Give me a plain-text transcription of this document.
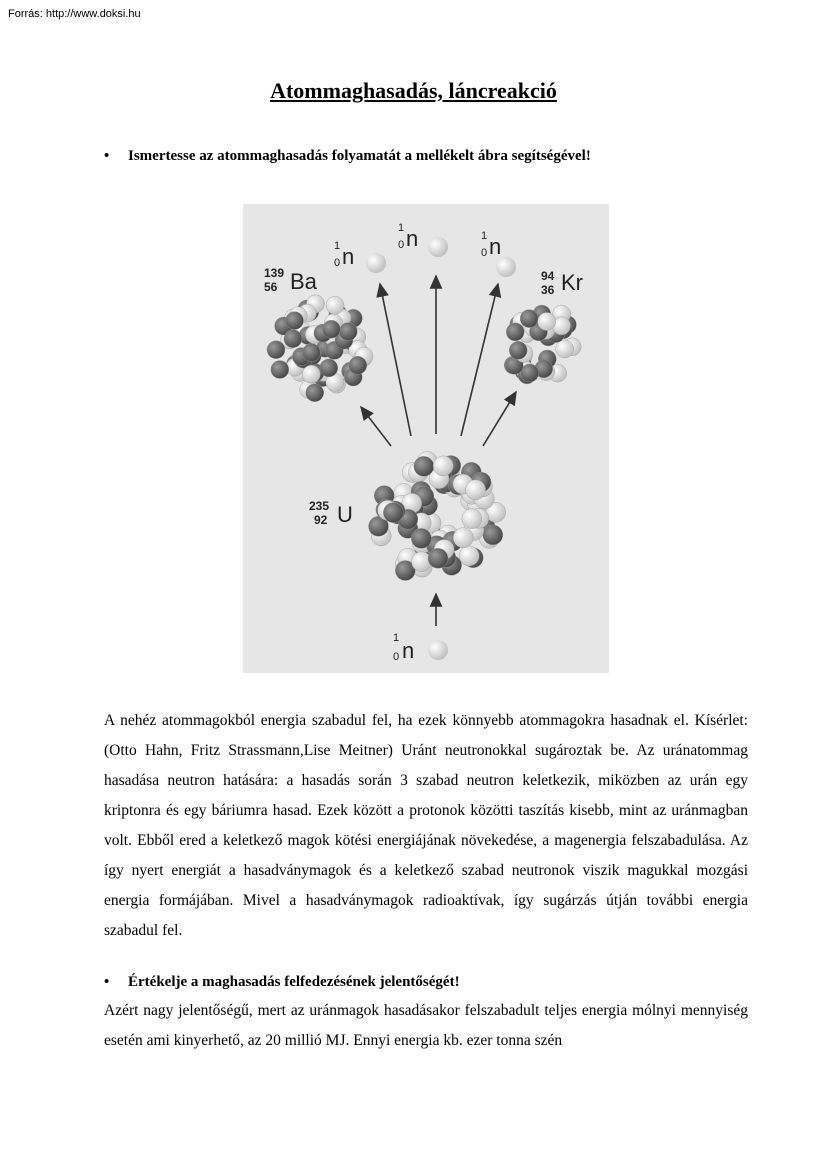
Forrás: http://www.doksi.hu
Atommaghasadás, láncreakció
• Ismertesse az atommaghasadás folyamatát a mellékelt ábra segítségével!
1
0 n
1
0 n	1
0 n
1
0 n
139
56 Ba	94
36 Kr
235
92 U
A nehéz atommagokból energia szabadul fel, ha ezek könnyebb atommagokra hasadnak el. Kísérlet: (Otto Hahn, Fritz Strassmann,Lise Meitner) Uránt neutronokkal sugároztak be. Az uránatommag hasadása neutron hatására: a hasadás során 3 szabad neutron keletkezik, miközben az urán egy kriptonra és egy báriumra hasad. Ezek között a protonok közötti taszítás kisebb, mint az uránmagban volt. Ebből ered a keletkező magok kötési energiájának növekedése, a magenergia felszabadulása. Az így nyert energiát a hasadványmagok és a keletkező szabad neutronok viszik magukkal mozgási energia formájában. Mivel a hasadványmagok radioaktívak, így sugárzás útján további energia szabadul fel.
• Értékelje a maghasadás felfedezésének jelentőségét!
Azért nagy jelentőségű, mert az uránmagok hasadásakor felszabadult teljes energia mólnyi mennyiség esetén ami kinyerhető, az 20 millió MJ. Ennyi energia kb. ezer tonna szén
